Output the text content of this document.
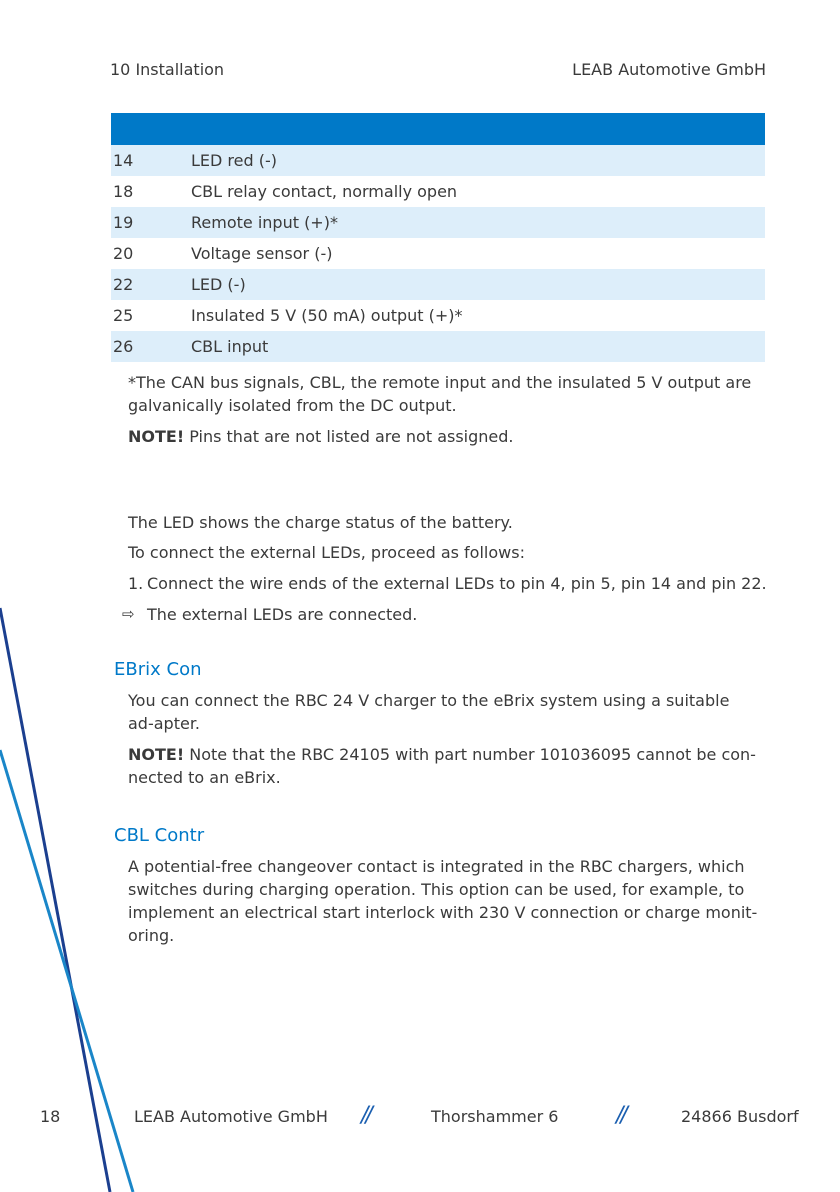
10 Installation	LEAB Automotive GmbH
14	LED red (-)
18	CBL relay contact, normally open
19	Remote input (+)*
20	Voltage sensor (-)
22	LED (-)
25	Insulated 5 V (50 mA) output (+)*
26	CBL input
*The CAN bus signals, CBL, the remote input and the insulated 5 V output are galvanically isolated from the DC output.
NOTE! Pins that are not listed are not assigned.
The LED shows the charge status of the battery.
To connect the external LEDs, proceed as follows:
1. Connect the wire ends of the external LEDs to pin 4, pin 5, pin 14 and pin 22.
⇨ The external LEDs are connected.
EBrix Con
You can connect the RBC 24 V charger to the eBrix system using a suitable ad-apter.
NOTE! Note that the RBC 24105 with part number 101036095 cannot be con-nected to an eBrix.
CBL Contr
A potential-free changeover contact is integrated in the RBC chargers, which switches during charging operation. This option can be used, for example, to implement an electrical start interlock with 230 V connection or charge monit-oring.
18	LEAB Automotive GmbH //	Thorshammer 6	//	24866 Busdorf
